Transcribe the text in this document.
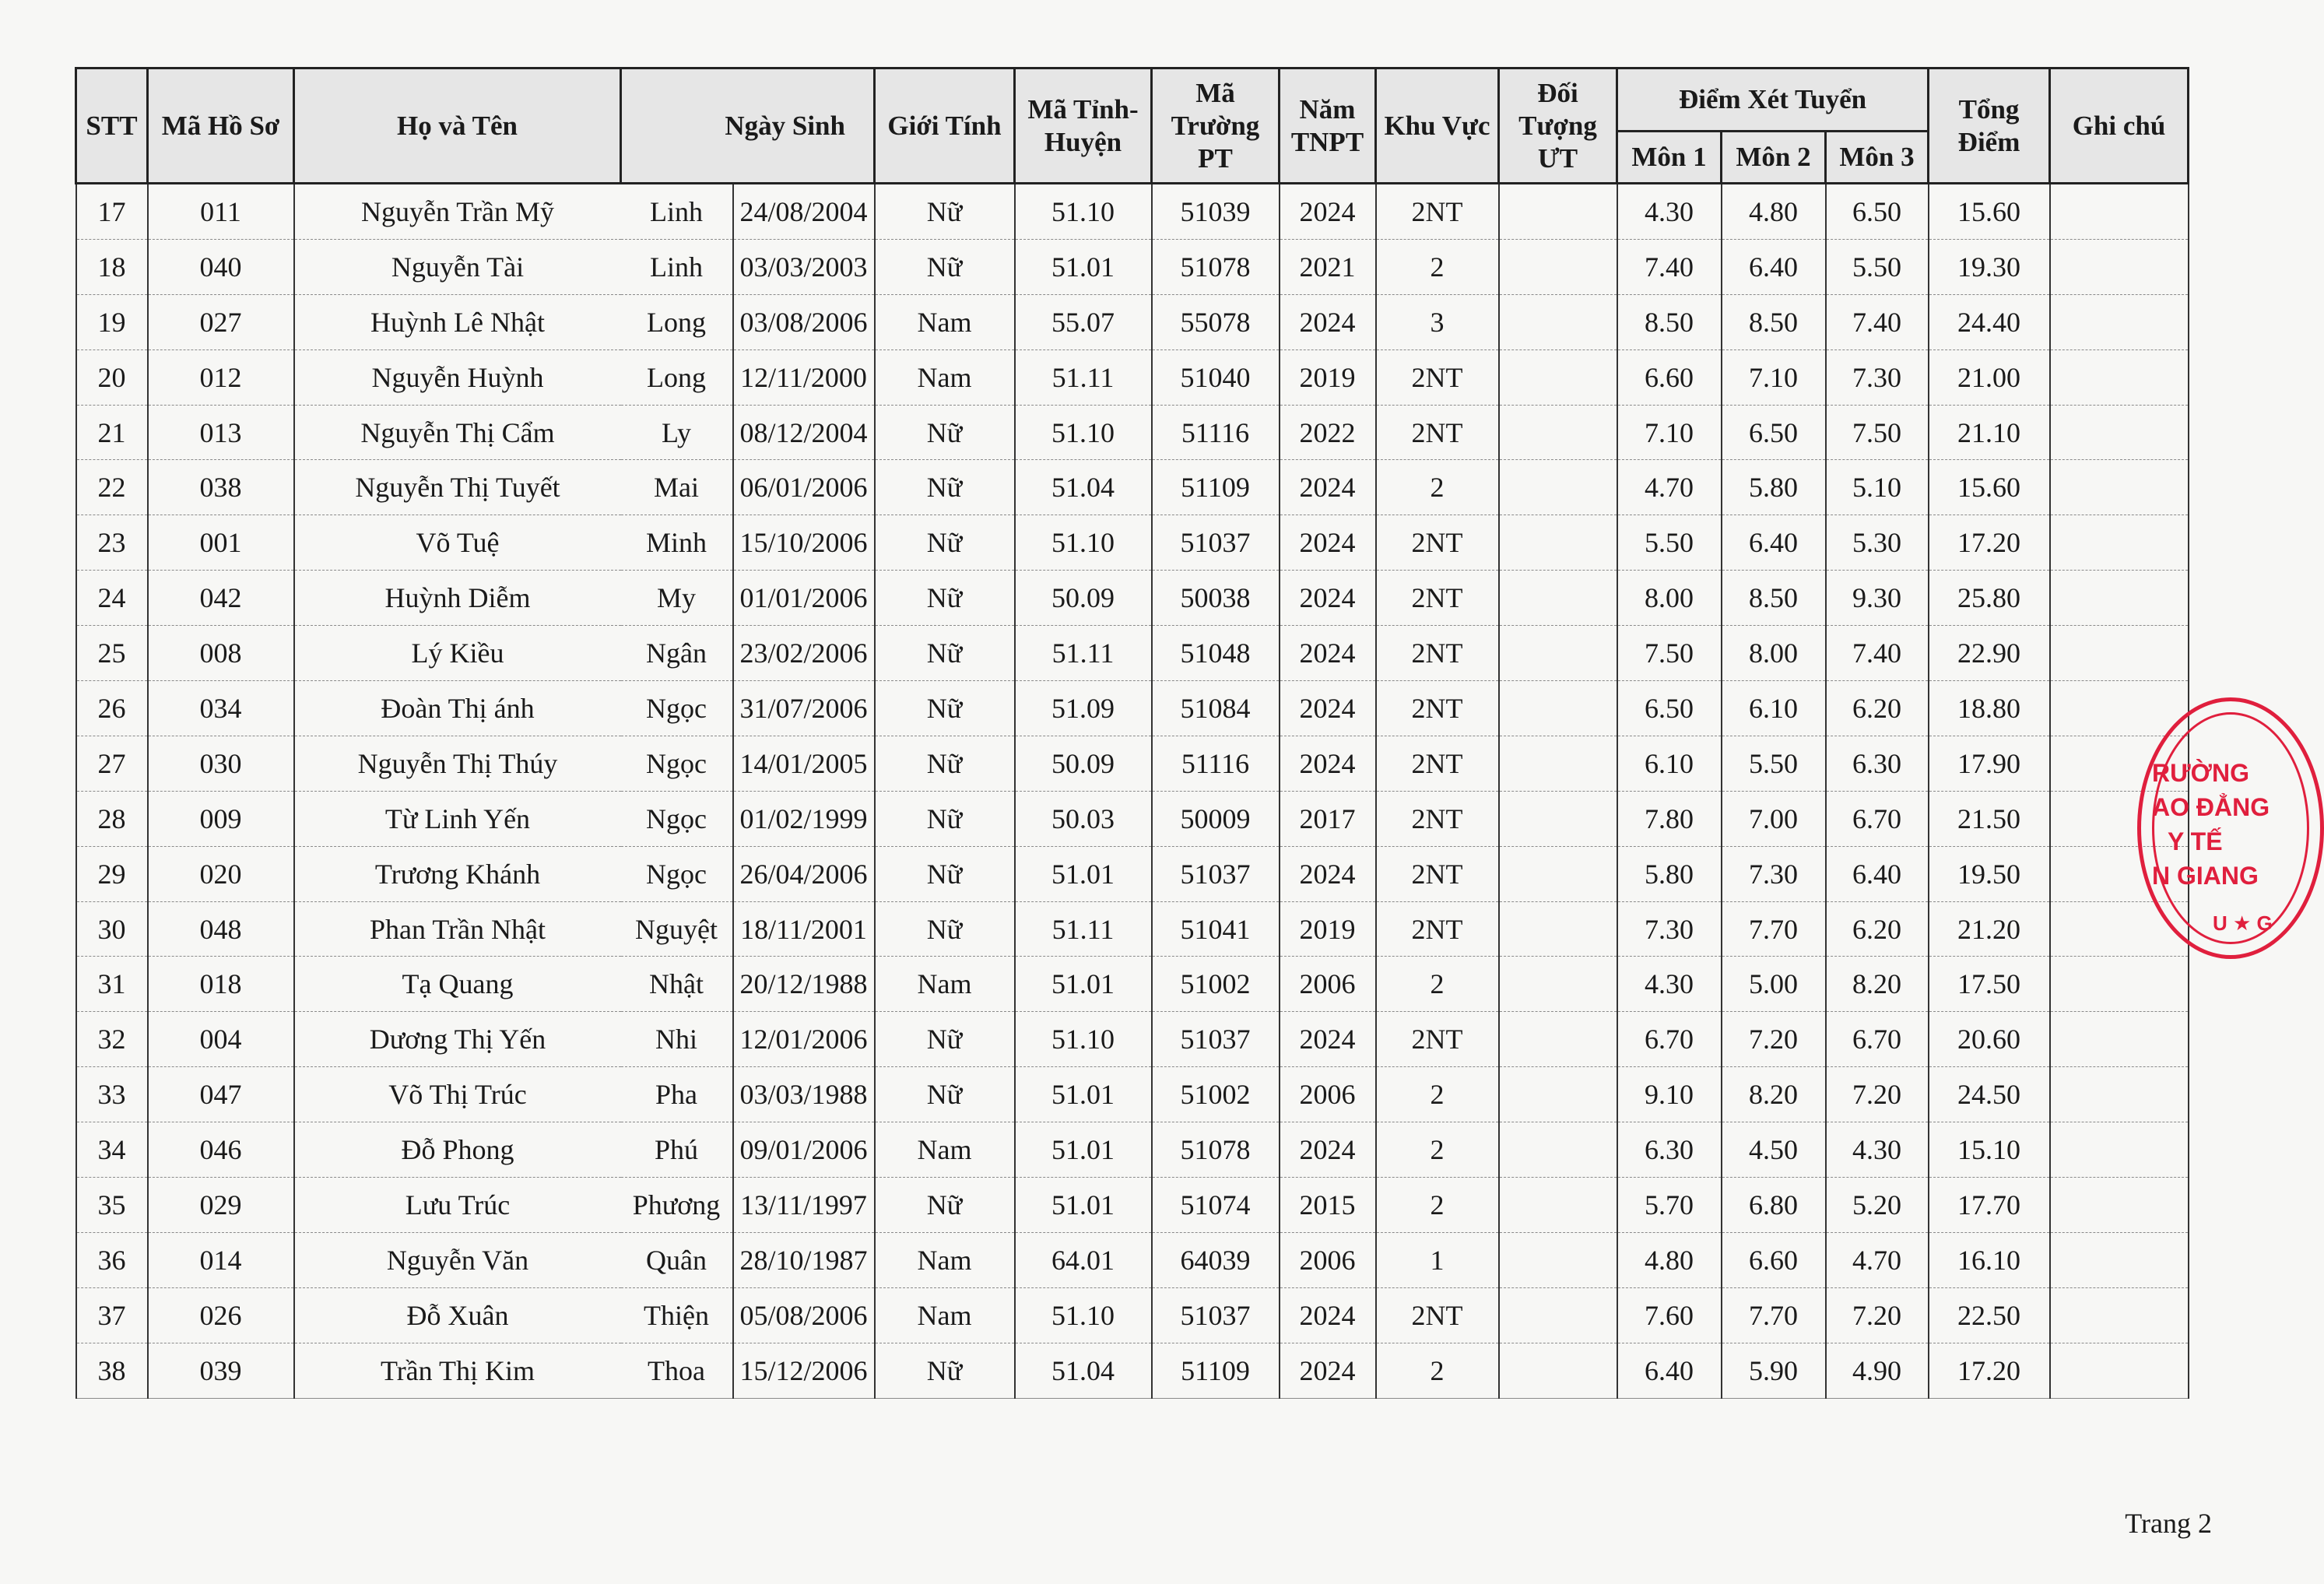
STT	Mã Hồ Sơ	Họ và Tên	Ngày Sinh		Giới Tính	Mã Tỉnh-Huyện	Mã Trường PT	Năm TNPT	Khu Vực	Đối Tượng ƯT	Điểm Xét Tuyển			Tổng Điểm	Ghi chú
											Môn 1	Môn 2	Môn 3		
17	011	Nguyễn Trần Mỹ	Linh	24/08/2004	Nữ	51.10	51039	2024	2NT		4.30	4.80	6.50	15.60	
18	040	Nguyễn Tài	Linh	03/03/2003	Nữ	51.01	51078	2021	2		7.40	6.40	5.50	19.30	
19	027	Huỳnh Lê Nhật	Long	03/08/2006	Nam	55.07	55078	2024	3		8.50	8.50	7.40	24.40	
20	012	Nguyễn Huỳnh	Long	12/11/2000	Nam	51.11	51040	2019	2NT		6.60	7.10	7.30	21.00	
21	013	Nguyễn Thị Cẩm	Ly	08/12/2004	Nữ	51.10	51116	2022	2NT		7.10	6.50	7.50	21.10	
22	038	Nguyễn Thị Tuyết	Mai	06/01/2006	Nữ	51.04	51109	2024	2		4.70	5.80	5.10	15.60	
23	001	Võ Tuệ	Minh	15/10/2006	Nữ	51.10	51037	2024	2NT		5.50	6.40	5.30	17.20	
24	042	Huỳnh Diễm	My	01/01/2006	Nữ	50.09	50038	2024	2NT		8.00	8.50	9.30	25.80	
25	008	Lý Kiều	Ngân	23/02/2006	Nữ	51.11	51048	2024	2NT		7.50	8.00	7.40	22.90	
26	034	Đoàn Thị ánh	Ngọc	31/07/2006	Nữ	51.09	51084	2024	2NT		6.50	6.10	6.20	18.80	
27	030	Nguyễn Thị Thúy	Ngọc	14/01/2005	Nữ	50.09	51116	2024	2NT		6.10	5.50	6.30	17.90	
28	009	Từ Linh Yến	Ngọc	01/02/1999	Nữ	50.03	50009	2017	2NT		7.80	7.00	6.70	21.50	
29	020	Trương Khánh	Ngọc	26/04/2006	Nữ	51.01	51037	2024	2NT		5.80	7.30	6.40	19.50	
30	048	Phan Trần Nhật	Nguyệt	18/11/2001	Nữ	51.11	51041	2019	2NT		7.30	7.70	6.20	21.20	
31	018	Tạ Quang	Nhật	20/12/1988	Nam	51.01	51002	2006	2		4.30	5.00	8.20	17.50	
32	004	Dương Thị Yến	Nhi	12/01/2006	Nữ	51.10	51037	2024	2NT		6.70	7.20	6.70	20.60	
33	047	Võ Thị Trúc	Pha	03/03/1988	Nữ	51.01	51002	2006	2		9.10	8.20	7.20	24.50	
34	046	Đỗ Phong	Phú	09/01/2006	Nam	51.01	51078	2024	2		6.30	4.50	4.30	15.10	
35	029	Lưu Trúc	Phương	13/11/1997	Nữ	51.01	51074	2015	2		5.70	6.80	5.20	17.70	
36	014	Nguyễn Văn	Quân	28/10/1987	Nam	64.01	64039	2006	1		4.80	6.60	4.70	16.10	
37	026	Đỗ Xuân	Thiện	05/08/2006	Nam	51.10	51037	2024	2NT		7.60	7.70	7.20	22.50	
38	039	Trần Thị Kim	Thoa	15/12/2006	Nữ	51.04	51109	2024	2		6.40	5.90	4.90	17.20	
RƯỜNG
AO ĐẲNG
Y TẾ
N GIANG
U ★ G
Trang 2
